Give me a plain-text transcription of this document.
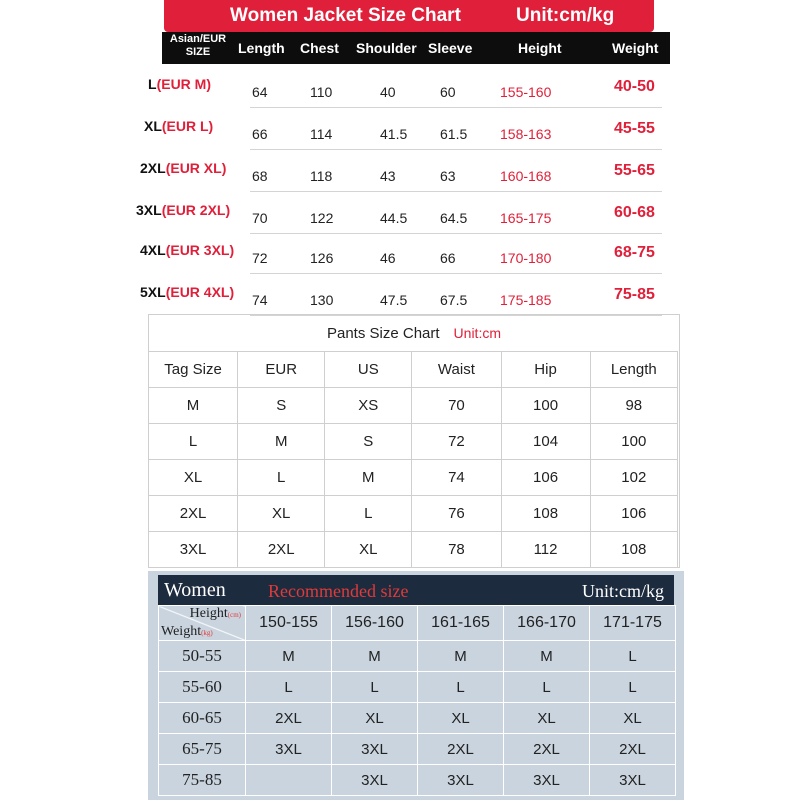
Women Jacket Size Chart	Unit:cm/kg
Asian/EUR
SIZE	Length Chest Shoulder Sleeve	Height	Weight
L(EUR M)	64	110	40	60	155-160	40-50
XL(EUR L)	66	114	41.5 61.5 158-163	45-55
2XL(EUR XL) 68	118	43	63	160-168	55-65
3XL(EUR 2XL) 70	122	44.5 64.5 165-175	60-68
4XL(EUR 3XL) 72	126	46	66	170-180	68-75
5XL(EUR 4XL) 74	130	47.5 67.5 175-185	75-85
Pants Size Chart Unit:cm
Tag Size	EUR	US	Waist	Hip	Length
M	S	XS	70	100	98
L	M	S	72	104	100
XL	L	M	74	106	102
2XL	XL	L	76	108	106
3XL	2XL	XL	78	112	108
Women Recommended size	Unit:cm/kg
Height(cm)
Weight(kg)	150-155	156-160	161-165	166-170	171-175
50-55	M	M	M	M	L
55-60	L	L	L	L	L
60-65	2XL	XL	XL	XL	XL
65-75	3XL	3XL	2XL	2XL	2XL
75-85		3XL	3XL	3XL	3XL
